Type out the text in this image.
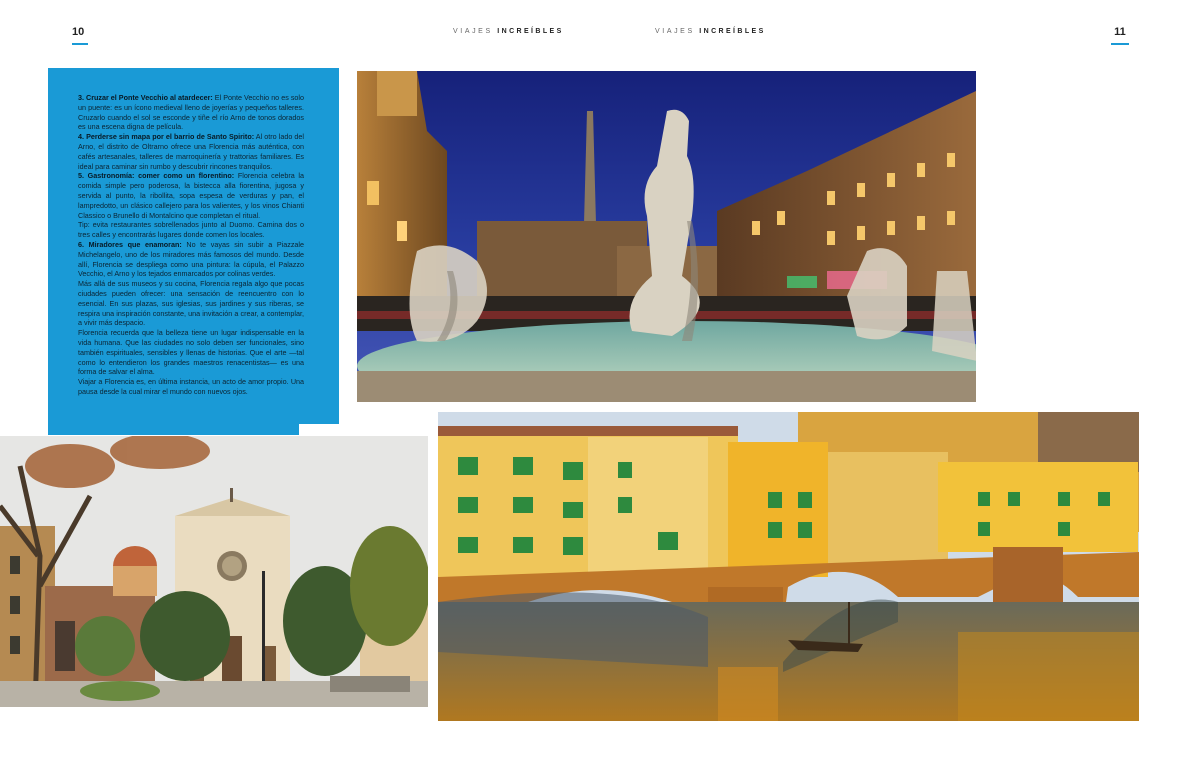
10	11
VIAJES INCREÍBLES	VIAJES INCREÍBLES

3. Cruzar el Ponte Vecchio al atardecer: El Ponte Vecchio no es solo un puente: es un ícono medieval lleno de joyerías y pequeños talleres. Cruzarlo cuando el sol se esconde y tiñe el río Arno de tonos dorados es una escena digna de película.

4. Perderse sin mapa por el barrio de Santo Spirito: Al otro lado del Arno, el distrito de Oltrarno ofrece una Florencia más auténtica, con cafés artesanales, talleres de marroquinería y trattorias familiares. Es ideal para caminar sin rumbo y descubrir rincones tranquilos.

5. Gastronomía: comer como un florentino: Florencia celebra la comida simple pero poderosa, la bistecca alla fiorentina, jugosa y servida al punto, la ribollita, sopa espesa de verduras y pan, el lampredotto, un clásico callejero para los valientes, y los vinos Chianti Classico o Brunello di Montalcino que completan el ritual.

Tip: evita restaurantes sobrellenados junto al Duomo. Camina dos o tres calles y encontrarás lugares donde comen los locales.

6. Miradores que enamoran: No te vayas sin subir a Piazzale Michelangelo, uno de los miradores más famosos del mundo. Desde allí, Florencia se despliega como una pintura: la cúpula, el Palazzo Vecchio, el Arno y los tejados enmarcados por colinas verdes.

Más allá de sus museos y su cocina, Florencia regala algo que pocas ciudades pueden ofrecer: una sensación de reencuentro con lo esencial. En sus plazas, sus iglesias, sus jardines y sus riberas, se respira una inspiración constante, una invitación a crear, a contemplar, a vivir más despacio.

Florencia recuerda que la belleza tiene un lugar indispensable en la vida humana. Que las ciudades no solo deben ser funcionales, sino también espirituales, sensibles y llenas de historias. Que el arte —tal como lo entendieron los grandes maestros renacentistas— es una forma de salvar el alma.

Viajar a Florencia es, en última instancia, un acto de amor propio. Una pausa desde la cual mirar el mundo con nuevos ojos.
